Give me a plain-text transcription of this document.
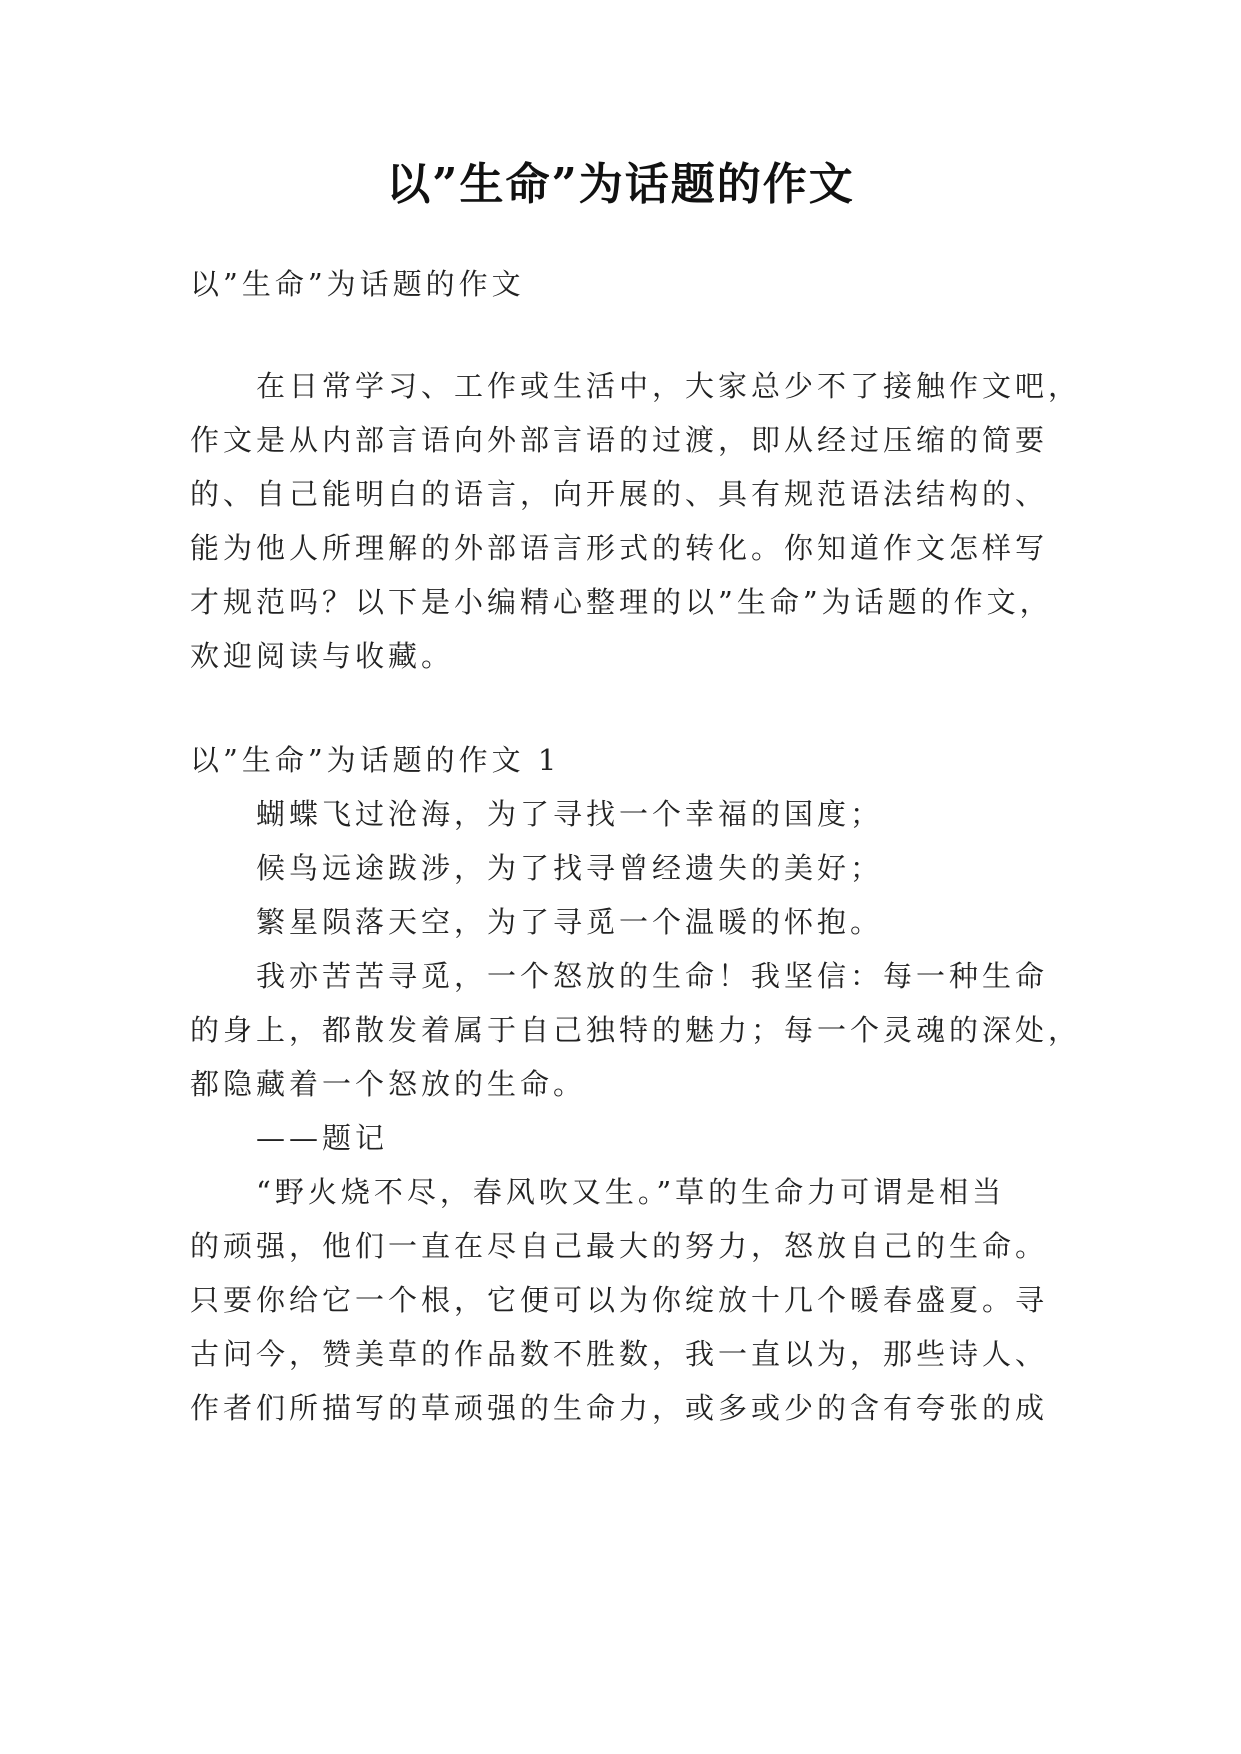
以”生命”为话题的作文
以”生命”为话题的作文
在日常学习、工作或生活中，大家总少不了接触作文吧，
作文是从内部言语向外部言语的过渡，即从经过压缩的简要
的、自己能明白的语言，向开展的、具有规范语法结构的、
能为他人所理解的外部语言形式的转化。你知道作文怎样写
才规范吗？以下是小编精心整理的以”生命”为话题的作文，
欢迎阅读与收藏。
以”生命”为话题的作文 1
蝴蝶飞过沧海，为了寻找一个幸福的国度；
候鸟远途跋涉，为了找寻曾经遗失的美好；
繁星陨落天空，为了寻觅一个温暖的怀抱。
我亦苦苦寻觅，一个怒放的生命！我坚信：每一种生命
的身上，都散发着属于自己独特的魅力；每一个灵魂的深处，
都隐藏着一个怒放的生命。
——题记
“野火烧不尽，春风吹又生。”草的生命力可谓是相当
的顽强，他们一直在尽自己最大的努力，怒放自己的生命。
只要你给它一个根，它便可以为你绽放十几个暖春盛夏。寻
古问今，赞美草的作品数不胜数，我一直以为，那些诗人、
作者们所描写的草顽强的生命力，或多或少的含有夸张的成
